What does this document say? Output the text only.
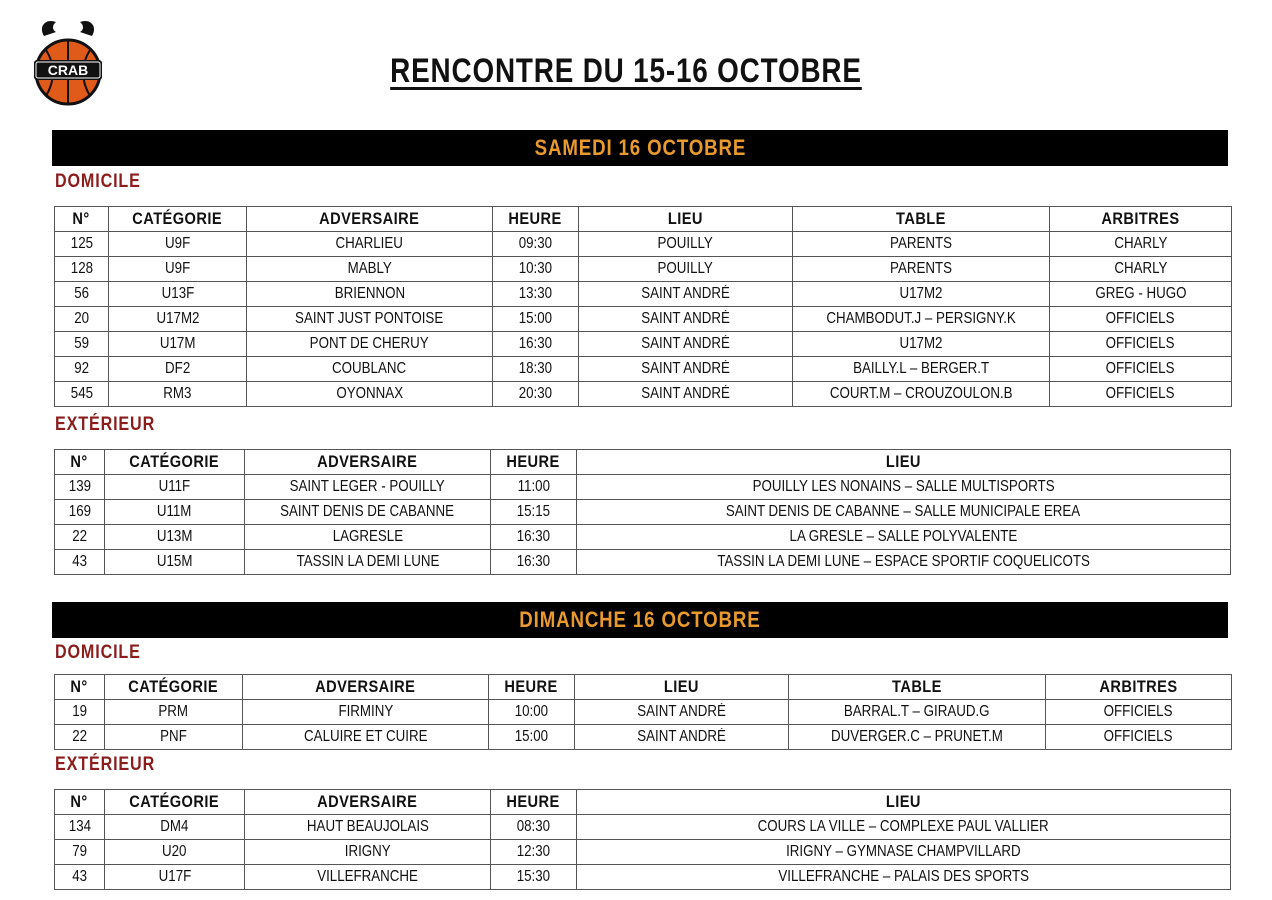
CRAB	RENCONTRE DU 15-16 OCTOBRE
SAMEDI 16 OCTOBRE
DOMICILE
N°	CATÉGORIE	ADVERSAIRE	HEURE	LIEU	TABLE	ARBITRES
125	U9F	CHARLIEU	09:30	POUILLY	PARENTS	CHARLY
128	U9F	MABLY	10:30	POUILLY	PARENTS	CHARLY
56	U13F	BRIENNON	13:30	SAINT ANDRÉ	U17M2	GREG - HUGO
20	U17M2	SAINT JUST PONTOISE	15:00	SAINT ANDRÉ	CHAMBODUT.J – PERSIGNY.K	OFFICIELS
59	U17M	PONT DE CHERUY	16:30	SAINT ANDRÉ	U17M2	OFFICIELS
92	DF2	COUBLANC	18:30	SAINT ANDRÉ	BAILLY.L – BERGER.T	OFFICIELS
545	RM3	OYONNAX	20:30	SAINT ANDRÉ	COURT.M – CROUZOULON.B	OFFICIELS
EXTÉRIEUR
N°	CATÉGORIE	ADVERSAIRE	HEURE	LIEU
139	U11F	SAINT LEGER - POUILLY	11:00	POUILLY LES NONAINS – SALLE MULTISPORTS
169	U11M	SAINT DENIS DE CABANNE	15:15	SAINT DENIS DE CABANNE – SALLE MUNICIPALE EREA
22	U13M	LAGRESLE	16:30	LA GRESLE – SALLE POLYVALENTE
43	U15M	TASSIN LA DEMI LUNE	16:30	TASSIN LA DEMI LUNE – ESPACE SPORTIF COQUELICOTS
DIMANCHE 16 OCTOBRE
DOMICILE
N°	CATÉGORIE	ADVERSAIRE	HEURE	LIEU	TABLE	ARBITRES
19	PRM	FIRMINY	10:00	SAINT ANDRÉ	BARRAL.T – GIRAUD.G	OFFICIELS
22	PNF	CALUIRE ET CUIRE	15:00	SAINT ANDRÉ	DUVERGER.C – PRUNET.M	OFFICIELS
EXTÉRIEUR
N°	CATÉGORIE	ADVERSAIRE	HEURE	LIEU
134	DM4	HAUT BEAUJOLAIS	08:30	COURS LA VILLE – COMPLEXE PAUL VALLIER
79	U20	IRIGNY	12:30	IRIGNY – GYMNASE CHAMPVILLARD
43	U17F	VILLEFRANCHE	15:30	VILLEFRANCHE – PALAIS DES SPORTS
